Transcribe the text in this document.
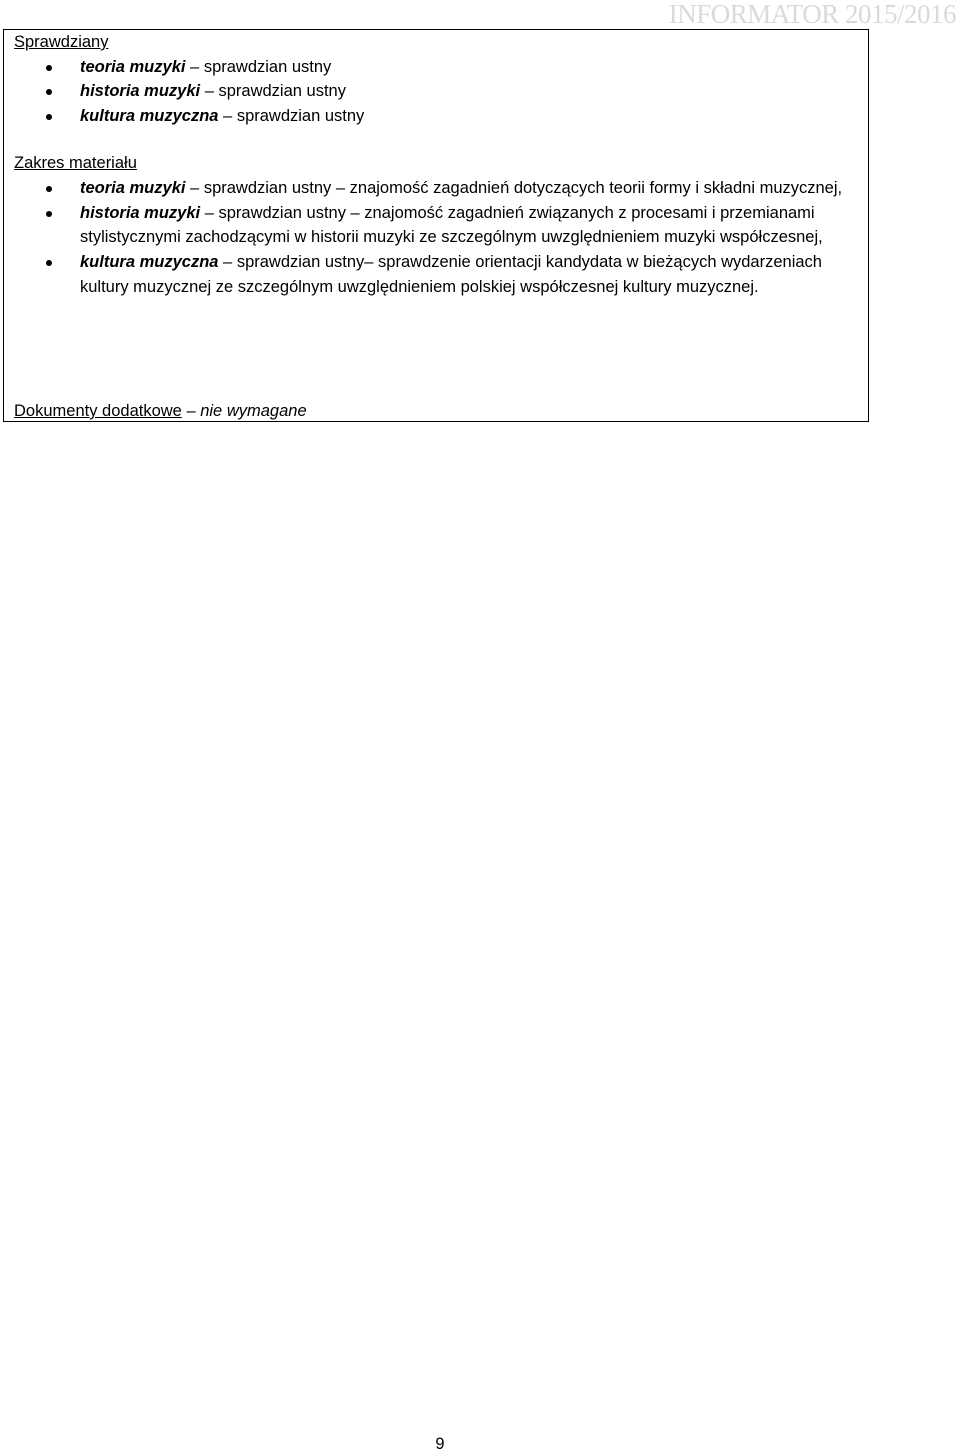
INFORMATOR 2015/2016
Sprawdziany
teoria muzyki – sprawdzian ustny
historia muzyki – sprawdzian ustny
kultura muzyczna – sprawdzian ustny
Zakres materiału
teoria muzyki – sprawdzian ustny – znajomość zagadnień dotyczących teorii formy i składni muzycznej,
historia muzyki – sprawdzian ustny – znajomość zagadnień związanych z procesami i przemianami stylistycznymi zachodzącymi w historii muzyki ze szczególnym uwzględnieniem muzyki współczesnej,
kultura muzyczna – sprawdzian ustny– sprawdzenie orientacji kandydata w bieżących wydarzeniach kultury muzycznej ze szczególnym uwzględnieniem polskiej współczesnej kultury muzycznej.
Dokumenty dodatkowe – nie wymagane
9
